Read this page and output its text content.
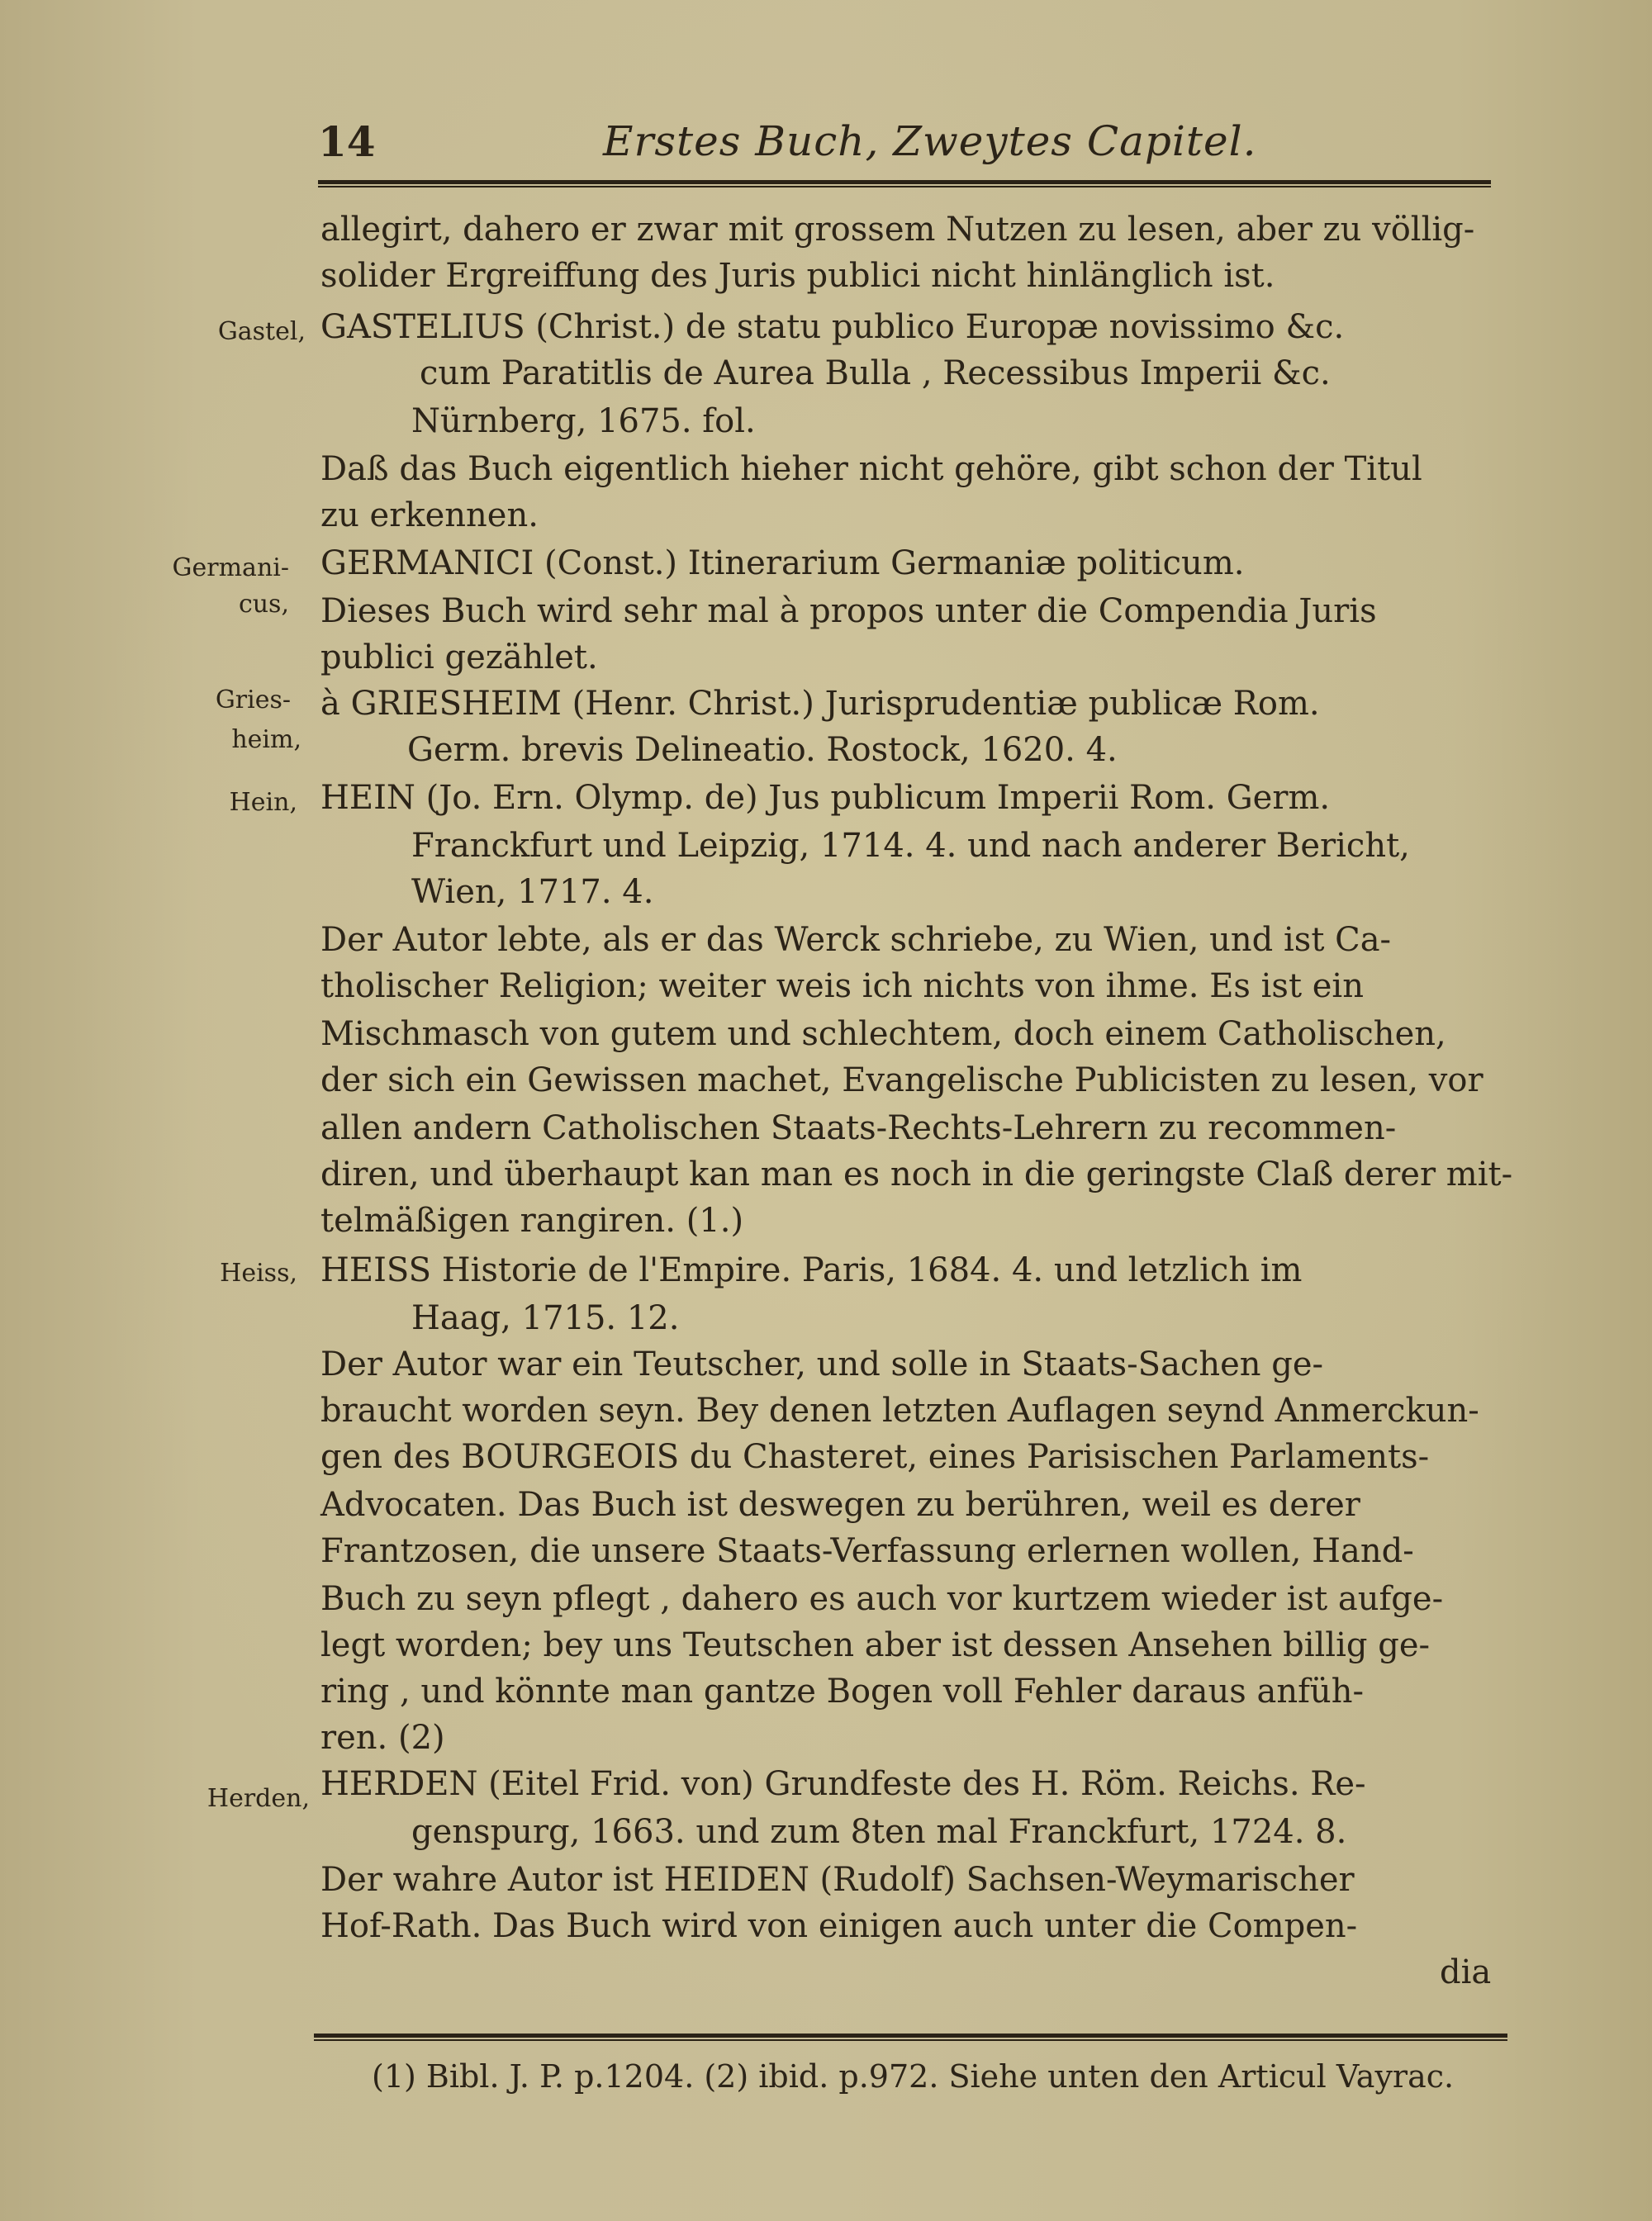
14	Erstes Buch, Zweytes Capitel.
Gastel,
Germani-
cus,
Gries-
heim,
Hein,
Heiss,
Herden,
allegirt, dahero er zwar mit grossem Nutzen zu lesen, aber zu völlig-
solider Ergreiffung des Juris publici nicht hinlänglich ist.
GASTELIUS (Christ.) de statu publico Europæ novissimo &c.
cum Paratitlis de Aurea Bulla , Recessibus Imperii &c.
Nürnberg, 1675. fol.
Daß das Buch eigentlich hieher nicht gehöre, gibt schon der Titul
zu erkennen.
GERMANICI (Const.) Itinerarium Germaniæ politicum.
Dieses Buch wird sehr mal à propos unter die Compendia Juris
publici gezählet.
à GRIESHEIM (Henr. Christ.) Jurisprudentiæ publicæ Rom.
Germ. brevis Delineatio. Rostock, 1620. 4.
HEIN (Jo. Ern. Olymp. de) Jus publicum Imperii Rom. Germ.
Franckfurt und Leipzig, 1714. 4. und nach anderer Bericht,
Wien, 1717. 4.
Der Autor lebte, als er das Werck schriebe, zu Wien, und ist Ca-
tholischer Religion; weiter weis ich nichts von ihme. Es ist ein
Mischmasch von gutem und schlechtem, doch einem Catholischen,
der sich ein Gewissen machet, Evangelische Publicisten zu lesen, vor
allen andern Catholischen Staats-Rechts-Lehrern zu recommen-
diren, und überhaupt kan man es noch in die geringste Claß derer mit-
telmäßigen rangiren. (1.)
HEISS Historie de l'Empire. Paris, 1684. 4. und letzlich im
Haag, 1715. 12.
Der Autor war ein Teutscher, und solle in Staats-Sachen ge-
braucht worden seyn. Bey denen letzten Auflagen seynd Anmerckun-
gen des BOURGEOIS du Chasteret, eines Parisischen Parlaments-
Advocaten. Das Buch ist deswegen zu berühren, weil es derer
Frantzosen, die unsere Staats-Verfassung erlernen wollen, Hand-
Buch zu seyn pflegt , dahero es auch vor kurtzem wieder ist aufge-
legt worden; bey uns Teutschen aber ist dessen Ansehen billig ge-
ring , und könnte man gantze Bogen voll Fehler daraus anfüh-
ren. (2)
HERDEN (Eitel Frid. von) Grundfeste des H. Röm. Reichs. Re-
genspurg, 1663. und zum 8ten mal Franckfurt, 1724. 8.
Der wahre Autor ist HEIDEN (Rudolf) Sachsen-Weymarischer
Hof-Rath. Das Buch wird von einigen auch unter die Compen-
dia
(1) Bibl. J. P. p.1204. (2) ibid. p.972. Siehe unten den Articul Vayrac.
